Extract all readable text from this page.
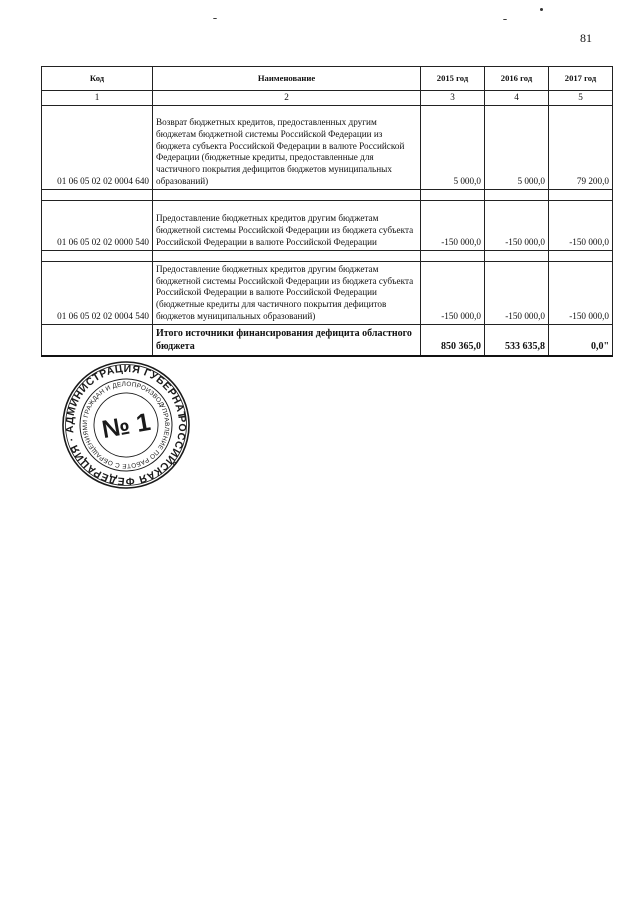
81
Код	Наименование	2015 год	2016 год	2017 год
1	2	3	4	5
01 06 05 02 02 0004 640	Возврат бюджетных кредитов, предоставленных другим бюджетам бюджетной системы Российской Федерации из бюджета субъекта Российской Федерации в валюте Российской Федерации (бюджетные кредиты, предоставленные для частичного покрытия дефицитов бюджетов муниципальных образований)	5 000,0	5 000,0	79 200,0

01 06 05 02 02 0000 540	Предоставление бюджетных кредитов другим бюджетам бюджетной системы Российской Федерации из бюджета субъекта Российской Федерации в валюте Российской Федерации	-150 000,0	-150 000,0	-150 000,0

01 06 05 02 02 0004 540	Предоставление бюджетных кредитов другим бюджетам бюджетной системы Российской Федерации из бюджета субъекта Российской Федерации в валюте Российской Федерации (бюджетные кредиты для частичного покрытия дефицитов бюджетов муниципальных образований)	-150 000,0	-150 000,0	-150 000,0
	Итого источники финансирования дефицита областного бюджета	850 365,0	533 635,8	0,0"
РОССИЙСКАЯ ФЕДЕРАЦИЯ · АДМИНИСТРАЦИЯ ГУБЕРНАТОРА
УПРАВЛЕНИЕ ПО РАБОТЕ С ОБРАЩЕНИЯМИ ГРАЖДАН И ДЕЛОПРОИЗВОДСТВУ
№ 1
